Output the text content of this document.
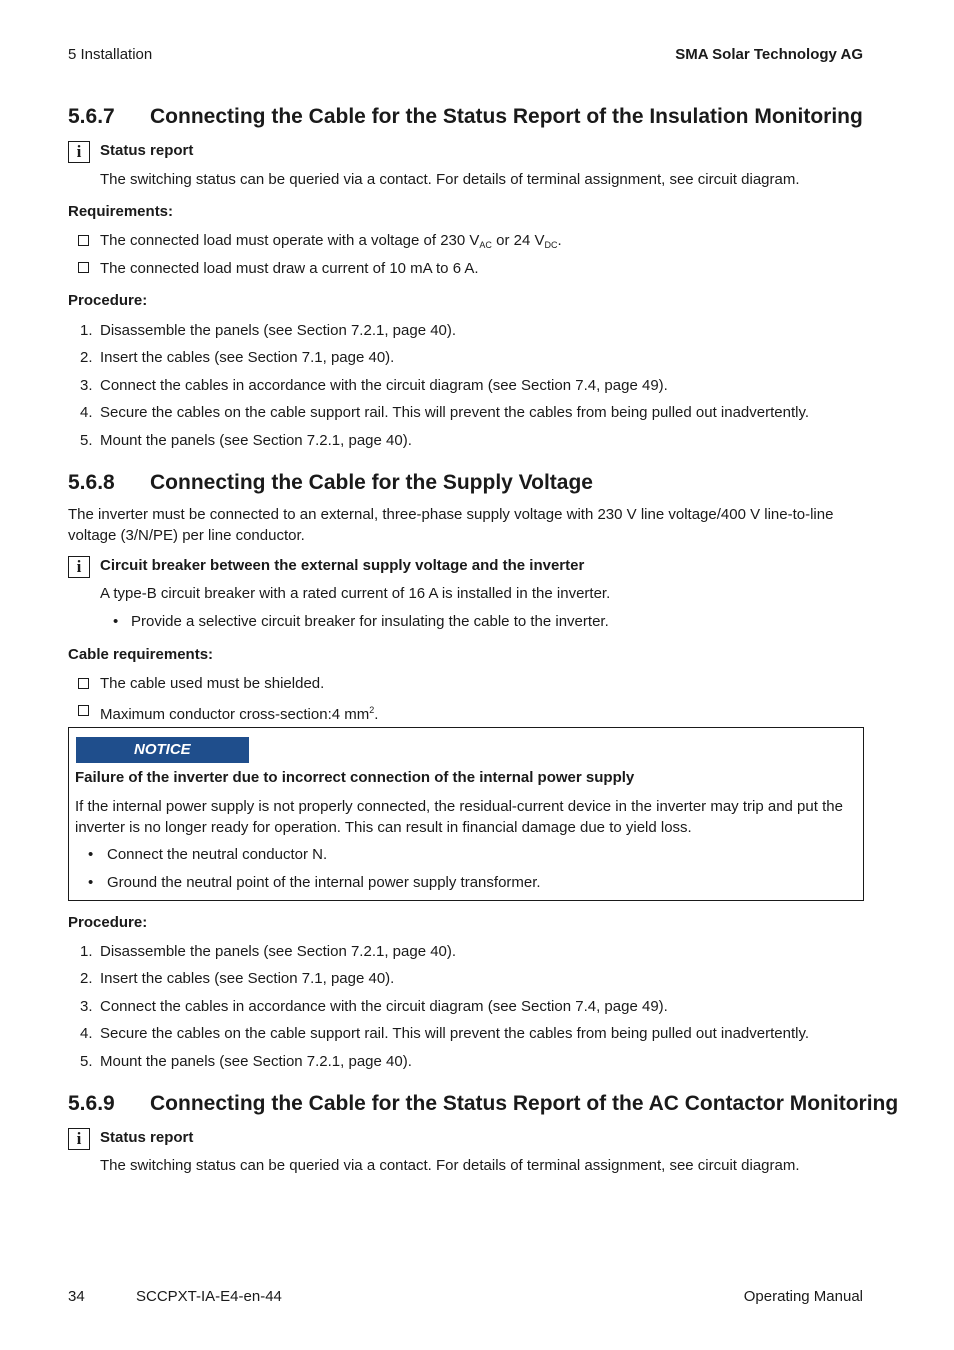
5 Installation	SMA Solar Technology AG
5.6.7 Connecting the Cable for the Status Report of the Insulation Monitoring
i	Status report
The switching status can be queried via a contact. For details of terminal assignment, see circuit diagram.
Requirements:
The connected load must operate with a voltage of 230 $V_{AC}$ or 24 $V_{DC}$.
The connected load must draw a current of 10 mA to 6 A.
Procedure:
1. Disassemble the panels (see Section 7.2.1, page 40).
2. Insert the cables (see Section 7.1, page 40).
3. Connect the cables in accordance with the circuit diagram (see Section 7.4, page 49).
4. Secure the cables on the cable support rail. This will prevent the cables from being pulled out inadvertently.
5. Mount the panels (see Section 7.2.1, page 40).
5.6.8 Connecting the Cable for the Supply Voltage
The inverter must be connected to an external, three-phase supply voltage with 230 V line voltage/400 V line-to-line
voltage (3/N/PE) per line conductor.
i	Circuit breaker between the external supply voltage and the inverter
A type-B circuit breaker with a rated current of 16 A is installed in the inverter.
• Provide a selective circuit breaker for insulating the cable to the inverter.
Cable requirements:
The cable used must be shielded.
Maximum conductor cross-section:4 $mm^2$.
NOTICE
Failure of the inverter due to incorrect connection of the internal power supply
If the internal power supply is not properly connected, the residual-current device in the inverter may trip and put the
inverter is no longer ready for operation. This can result in financial damage due to yield loss.
• Connect the neutral conductor N.
• Ground the neutral point of the internal power supply transformer.
Procedure:
1. Disassemble the panels (see Section 7.2.1, page 40).
2. Insert the cables (see Section 7.1, page 40).
3. Connect the cables in accordance with the circuit diagram (see Section 7.4, page 49).
4. Secure the cables on the cable support rail. This will prevent the cables from being pulled out inadvertently.
5. Mount the panels (see Section 7.2.1, page 40).
5.6.9 Connecting the Cable for the Status Report of the AC Contactor Monitoring
i	Status report
The switching status can be queried via a contact. For details of terminal assignment, see circuit diagram.
34	SCCPXT-IA-E4-en-44	Operating Manual
